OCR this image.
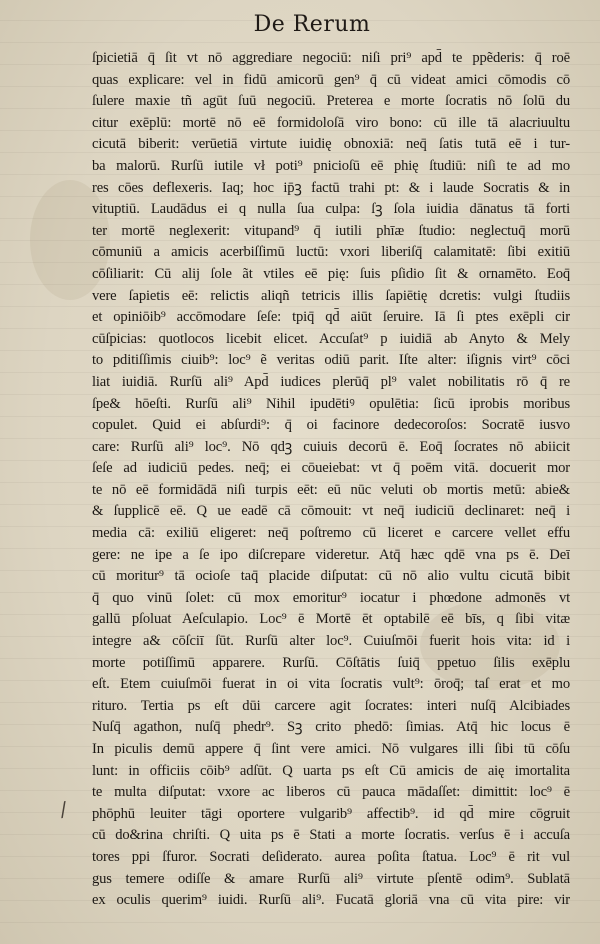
De Rerum
/
ſpicietiā q̄ ſit vt nō aggrediare negociū: niſi pri⁹ apd̄ te ppẽderis: q̄ roē
quas explicare: vel in fidū amicorū gen⁹ q̄ cū videat amici cōmodis cō
ſulere maxie tñ agūt ſuū negociū. Preterea e morte ſocratis nō ſolū du
citur exēplū: mortē nō eē formidoloſā viro bono: cū ille tā alacriuultu
cicutā biberit: verūetiā virtute iuidię obnoxiā: neq̄ ſatis tutā eē i tur-
ba malorū. Rurſū iutile vł poti⁹ pnicioſū eē phię ſtudiū: niſi te ad mo
res cōes deflexeris. Iaq; hoc ip̄ꝫ factū trahi pt: & i laude Socratis & in
vituptiū. Laudādus ei q nulla ſua culpa: ſꝫ ſola iuidia dānatus tā forti
ter mortē neglexerit: vitupand⁹ q̄ iutili phīæ ſtudio: neglectuq̄ morū
cōmuniū a amicis acerbiſſimū luctū: vxori liberiſq̄ calamitatē: ſibi exitiū
cōſiliarit: Cū alij ſole ãt vtiles eē pię: ſuis pſidio ſit & ornamēto. Eoq̄
vere ſapietis eē: relictis aliqñ tetricis illis ſapiētię dcretis: vulgi ſtudiis
et opiniōib⁹ accōmodare ſeſe: tpiq̄ qd̄ aiūt ſeruire. Iā ſi ptes exēpli cir
cūſpicias: quotlocos licebit elicet. Accuſat⁹ p iuidiā ab Anyto & Mely
to pditiſſimis ciuib⁹: loc⁹ ẽ veritas odiū parit. Iſte alter: iſignis virt⁹ cōci
liat iuidiā. Rurſū ali⁹ Apd̄ iudices plerūq̄ pl⁹ valet nobilitatis rō q̄ re
ſpe& hōeſti. Rurſū ali⁹ Nihil ipudētiꝰ opulētia: ſicū iprobis moribus
copulet. Quid ei abſurdi⁹: q̄ oi facinore dedecoroſos: Socratē iusvo
care: Rurſū ali⁹ loc⁹. Nō qdꝫ cuiuis decorū ē. Eoq̄ ſocrates nō abiicit
ſeſe ad iudiciū pedes. neq̄; ei cōueiebat: vt q̄ poēm vitā. docuerit mor
te nō eē formidādā niſi turpis eēt: eū nūc veluti ob mortis metū: abie&
& ſupplicē eē. Q ue eadē cā cōmouit: vt neq̄ iudiciū declinaret: neq̄ i
media cā: exiliū eligeret: neq̄ poſtremo cū liceret e carcere vellet effu
gere: ne ipe a ſe ipo diſcrepare videretur. Atq̄ hæc qdē vna ps ē. Deī
cū moritur⁹ tā ocioſe taq̄ placide diſputat: cū nō alio vultu cicutā bibit
q̄ quo vinū ſolet: cū mox emoritur⁹ iocatur i phœdone admonēs vt
gallū pſoluat Aeſculapio. Loc⁹ ē Mortē ēt optabilē eē bīs, q ſibi vitæ
integre a& cōſciī ſūt. Rurſū alter loc⁹. Cuiuſmōi fuerit hois vita: id i
morte potiſſimū apparere. Rurſū. Cōſtātis ſuiq̄ ppetuo ſilis exēplu
eſt. Etem cuiuſmōi fuerat in oi vita ſocratis vult⁹: ōroq̄; taſ erat et mo
rituro. Tertia ps eſt dūi carcere agit ſocrates: interi nuſq̄ Alcibiades
Nuſq̄ agathon, nuſq̄ phedr⁹. Sꝫ crito phedō: ſimias. Atq̄ hic locus ē
In piculis demū appere q̄ ſint vere amici. Nō vulgares illi ſibi tū cōſu
lunt: in officiis cōib⁹ adſūt. Q uarta ps eſt Cū amicis de aię imortalita
te multa diſputat: vxore ac liberos cū pauca mādaſſet: dimittit: loc⁹ ē
phōphū leuiter tāgi oportere vulgarib⁹ affectib⁹. id qd̄ mire cōgruit
cū do&rina chriſti. Q uita ps ē Stati a morte ſocratis. verſus ē i accuſa
tores ppi ſfuror. Socrati deſiderato. aurea poſita ſtatua. Loc⁹ ē rit vul
gus temere odiſſe & amare Rurſū ali⁹ virtute pſentē odim⁹. Sublatā
ex oculis querim⁹ iuidi. Rurſū ali⁹. Fucatā gloriā vna cū vita pire: vir
